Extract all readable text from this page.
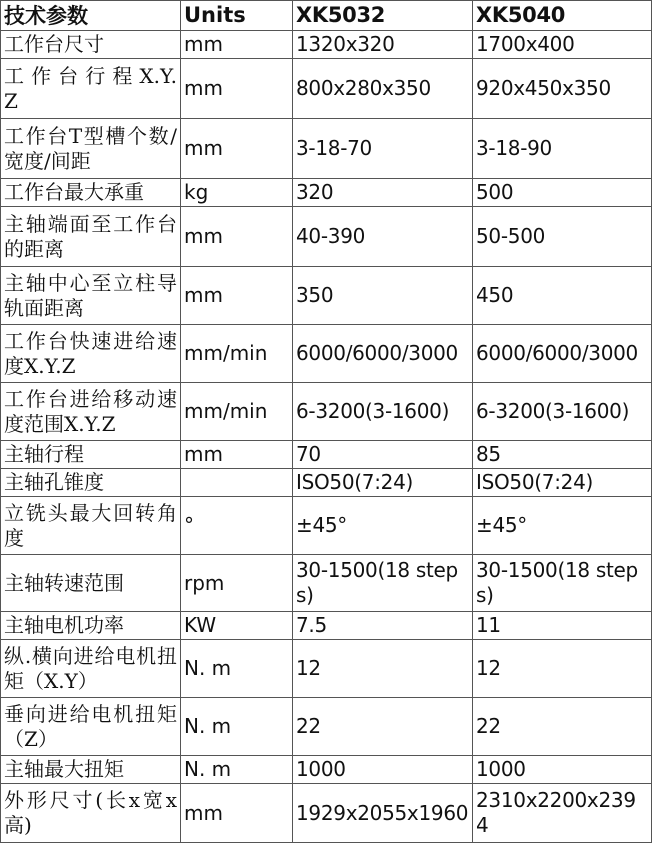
技术参数	Units	XK5032	XK5040
工作台尺寸	mm	1320x320	1700x400
工 作 台 行 程 X.Y.Z	mm	800x280x350	920x450x350
工作台T型槽个数/宽度/间距	mm	3-18-70	3-18-90
工作台最大承重	kg	320	500
主轴端面至工作台的距离	mm	40-390	50-500
主轴中心至立柱导轨面距离	mm	350	450
工作台快速进给速度X.Y.Z	mm/min	6000/6000/3000	6000/6000/3000
工作台进给移动速度范围X.Y.Z	mm/min	6-3200(3-1600)	6-3200(3-1600)
主轴行程	mm	70	85
主轴孔锥度		ISO50(7:24)	ISO50(7:24)
立铣头最大回转角度	°	±45°	±45°
主轴转速范围	rpm	30-1500(18 steps)	30-1500(18 steps)
主轴电机功率	KW	7.5	11
纵.横向进给电机扭矩（X.Y）	N. m	12	12
垂向进给电机扭矩（Z）	N. m	22	22
主轴最大扭矩	N. m	1000	1000
外形尺寸(长x宽x高)	mm	1929x2055x1960	2310x2200x2394
